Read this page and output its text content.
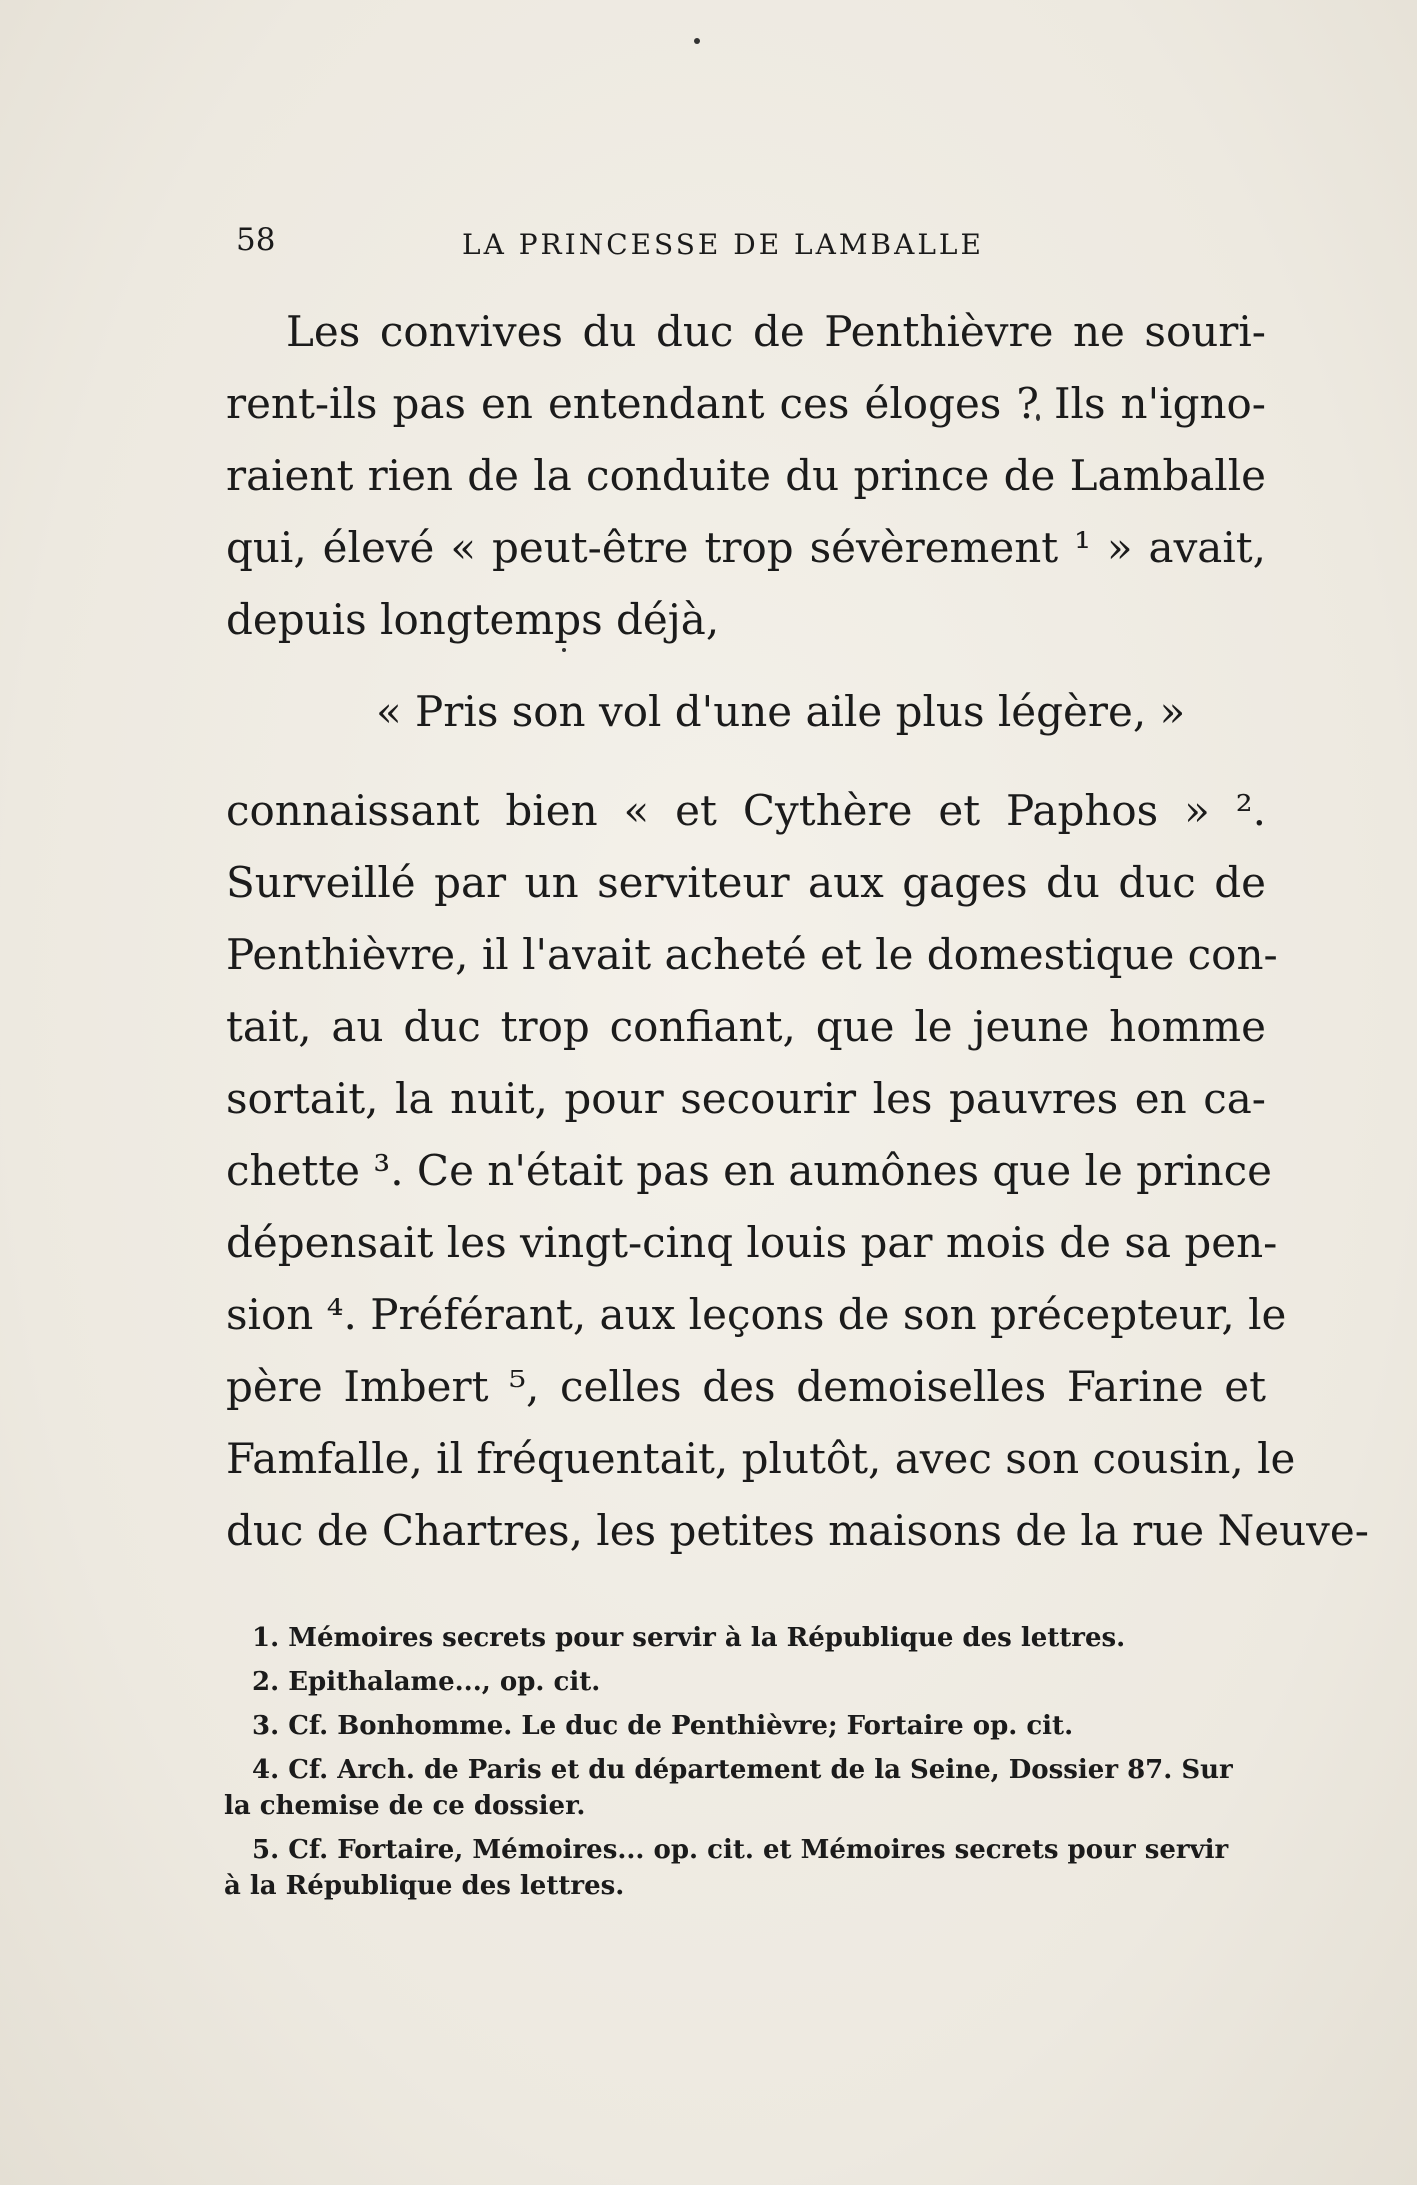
58	LA PRINCESSE DE LAMBALLE
Les convives du duc de Penthièvre ne souri-
rent-ils pas en entendant ces éloges ? Ils n'igno-
raient rien de la conduite du prince de Lamballe
qui, élevé « peut-être trop sévèrement ¹ » avait,
depuis longtemps déjà,
« Pris son vol d'une aile plus légère, »
connaissant bien « et Cythère et Paphos » ².
Surveillé par un serviteur aux gages du duc de
Penthièvre, il l'avait acheté et le domestique con-
tait, au duc trop confiant, que le jeune homme
sortait, la nuit, pour secourir les pauvres en ca-
chette ³. Ce n'était pas en aumônes que le prince
dépensait les vingt-cinq louis par mois de sa pen-
sion ⁴. Préférant, aux leçons de son précepteur, le
père Imbert ⁵, celles des demoiselles Farine et
Famfalle, il fréquentait, plutôt, avec son cousin, le
duc de Chartres, les petites maisons de la rue Neuve-
1. Mémoires secrets pour servir à la République des lettres.
2. Epithalame..., op. cit.
3. Cf. Bonhomme. Le duc de Penthièvre; Fortaire op. cit.
4. Cf. Arch. de Paris et du département de la Seine, Dossier 87. Sur la chemise de ce dossier.
5. Cf. Fortaire, Mémoires... op. cit. et Mémoires secrets pour servir à la République des lettres.
